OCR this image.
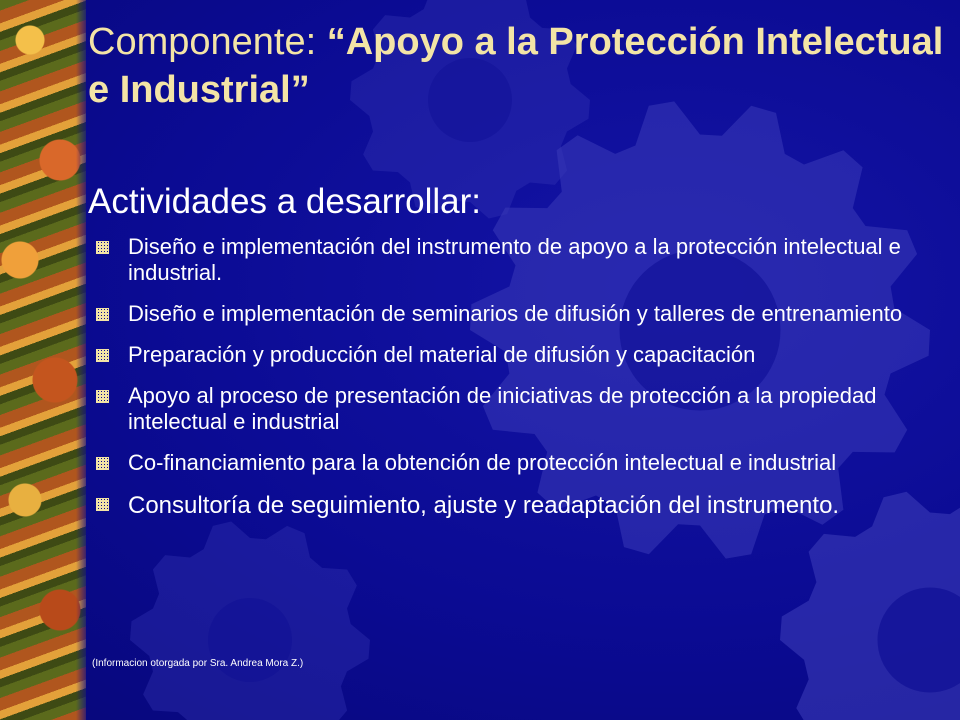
Componente: “Apoyo a la Protección Intelectual e Industrial”
Actividades a desarrollar:
Diseño e implementación del instrumento de apoyo a la protección intelectual e industrial.
Diseño e implementación de seminarios de difusión y talleres de entrenamiento
Preparación y producción del material de difusión y capacitación
Apoyo al proceso de presentación de iniciativas de protección a la propiedad intelectual e industrial
Co-financiamiento para la obtención de protección intelectual e industrial
Consultoría de seguimiento, ajuste y readaptación del instrumento.

(Informacion otorgada por Sra. Andrea Mora Z.)
